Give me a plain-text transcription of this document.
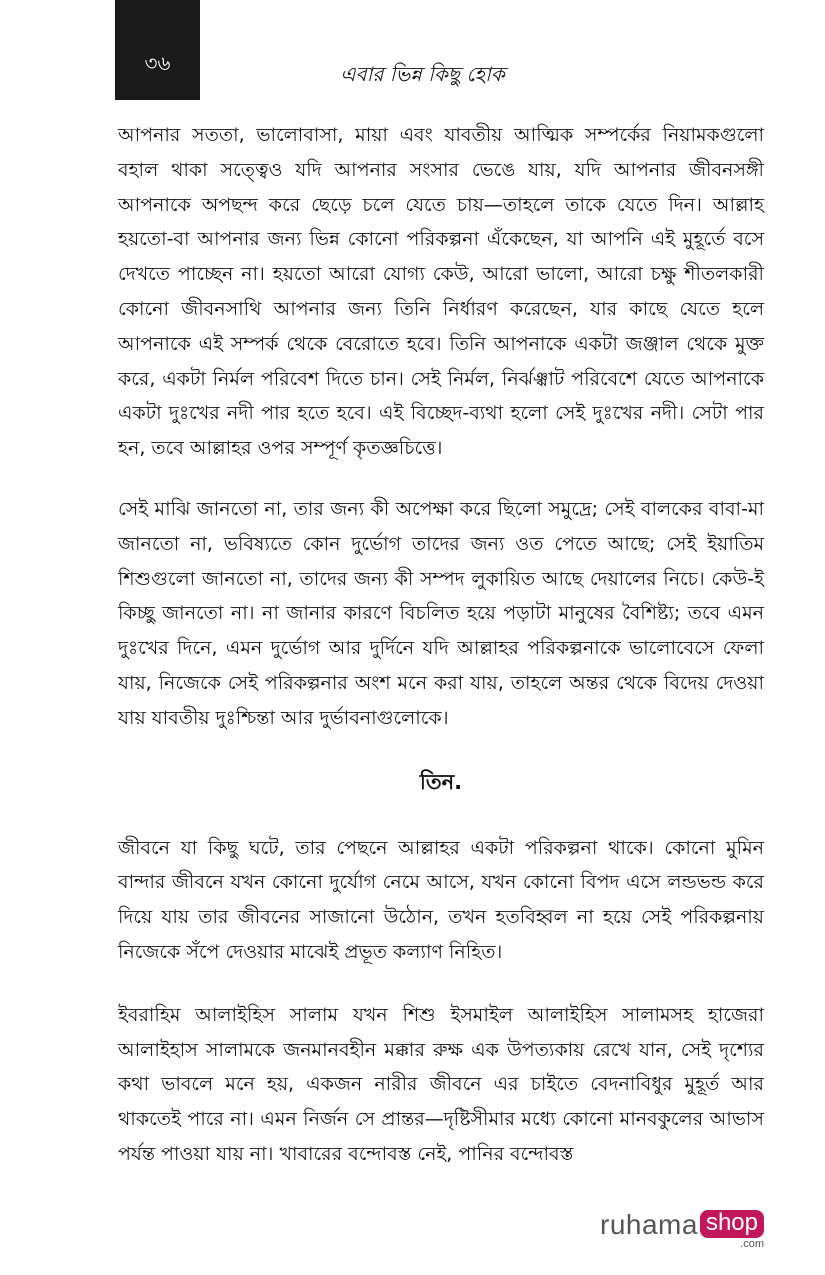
৩৬	এবার ভিন্ন কিছু হোক

আপনার সততা, ভালোবাসা, মায়া এবং যাবতীয় আত্মিক সম্পর্কের নিয়ামকগুলো বহাল থাকা সত্ত্বেও যদি আপনার সংসার ভেঙে যায়, যদি আপনার জীবনসঙ্গী আপনাকে অপছন্দ করে ছেড়ে চলে যেতে চায়—তাহলে তাকে যেতে দিন। আল্লাহ হয়তো-বা আপনার জন্য ভিন্ন কোনো পরিকল্পনা এঁকেছেন, যা আপনি এই মুহূর্তে বসে দেখতে পাচ্ছেন না। হয়তো আরো যোগ্য কেউ, আরো ভালো, আরো চক্ষু শীতলকারী কোনো জীবনসাথি আপনার জন্য তিনি নির্ধারণ করেছেন, যার কাছে যেতে হলে আপনাকে এই সম্পর্ক থেকে বেরোতে হবে। তিনি আপনাকে একটা জঞ্জাল থেকে মুক্ত করে, একটা নির্মল পরিবেশ দিতে চান। সেই নির্মল, নির্ঝঞ্ঝাট পরিবেশে যেতে আপনাকে একটা দুঃখের নদী পার হতে হবে। এই বিচ্ছেদ-ব্যথা হলো সেই দুঃখের নদী। সেটা পার হন, তবে আল্লাহর ওপর সম্পূর্ণ কৃতজ্ঞচিত্তে।

সেই মাঝি জানতো না, তার জন্য কী অপেক্ষা করে ছিলো সমুদ্রে; সেই বালকের বাবা-মা জানতো না, ভবিষ্যতে কোন দুর্ভোগ তাদের জন্য ওত পেতে আছে; সেই ইয়াতিম শিশুগুলো জানতো না, তাদের জন্য কী সম্পদ লুকায়িত আছে দেয়ালের নিচে। কেউ-ই কিচ্ছু জানতো না। না জানার কারণে বিচলিত হয়ে পড়াটা মানুষের বৈশিষ্ট্য; তবে এমন দুঃখের দিনে, এমন দুর্ভোগ আর দুর্দিনে যদি আল্লাহর পরিকল্পনাকে ভালোবেসে ফেলা যায়, নিজেকে সেই পরিকল্পনার অংশ মনে করা যায়, তাহলে অন্তর থেকে বিদেয় দেওয়া যায় যাবতীয় দুঃশ্চিন্তা আর দুর্ভাবনাগুলোকে।

তিন.

জীবনে যা কিছু ঘটে, তার পেছনে আল্লাহর একটা পরিকল্পনা থাকে। কোনো মুমিন বান্দার জীবনে যখন কোনো দুর্যোগ নেমে আসে, যখন কোনো বিপদ এসে লন্ডভন্ড করে দিয়ে যায় তার জীবনের সাজানো উঠোন, তখন হতবিহ্বল না হয়ে সেই পরিকল্পনায় নিজেকে সঁপে দেওয়ার মাঝেই প্রভূত কল্যাণ নিহিত।

ইবরাহিম আলাইহিস সালাম যখন শিশু ইসমাইল আলাইহিস সালামসহ হাজেরা আলাইহাস সালামকে জনমানবহীন মক্কার রুক্ষ এক উপত্যকায় রেখে যান, সেই দৃশ্যের কথা ভাবলে মনে হয়, একজন নারীর জীবনে এর চাইতে বেদনাবিধুর মুহূর্ত আর থাকতেই পারে না। এমন নির্জন সে প্রান্তর—দৃষ্টিসীমার মধ্যে কোনো মানবকুলের আভাস পর্যন্ত পাওয়া যায় না। খাবারের বন্দোবস্ত নেই, পানির বন্দোবস্ত

ruhama shop
.com
